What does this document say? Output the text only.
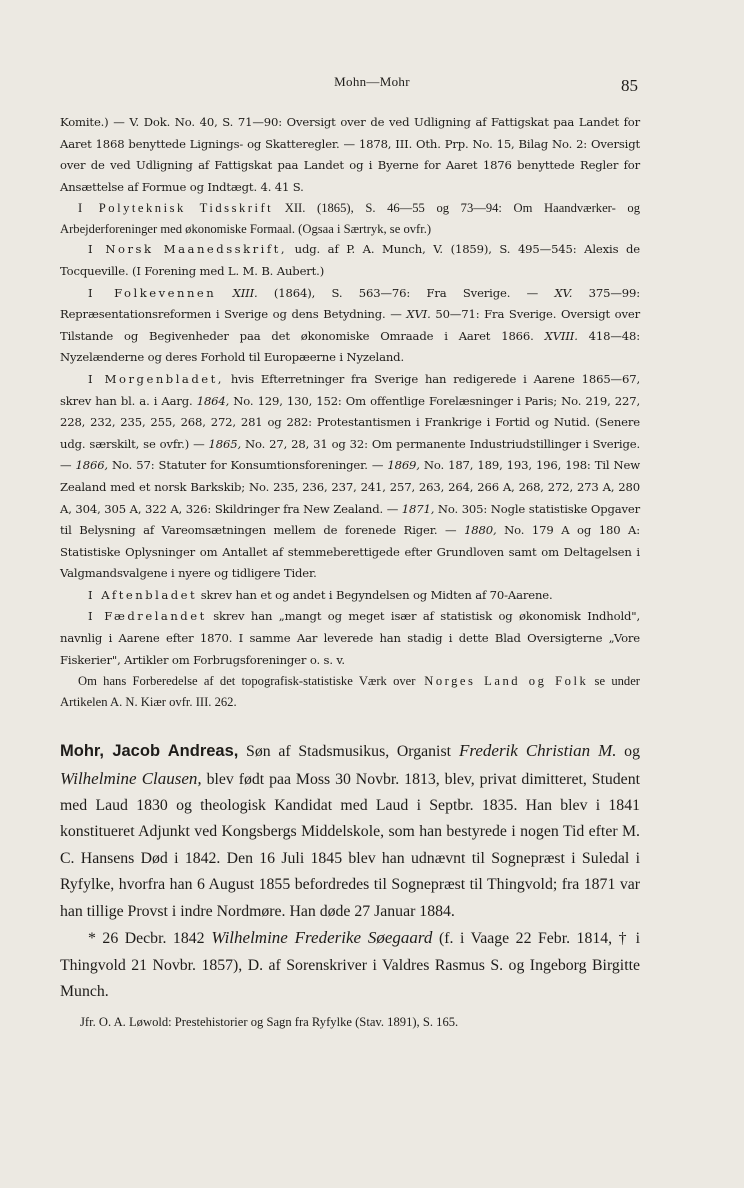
Mohn—Mohr	85

Komite.) — V. Dok. No. 40, S. 71—90: Oversigt over de ved Udligning af Fattigskat paa Landet for Aaret 1868 benyttede Lignings- og Skatteregler. — 1878, III. Oth. Prp. No. 15, Bilag No. 2: Oversigt over de ved Udligning af Fattigskat paa Landet og i Byerne for Aaret 1876 benyttede Regler for Ansættelse af Formue og Indtægt. 4. 41 S.

I Polyteknisk Tidsskrift XII. (1865), S. 46—55 og 73—94: Om Haandværker- og Arbejderforeninger med økonomiske Formaal. (Ogsaa i Særtryk, se ovfr.)

I Norsk Maanedsskrift, udg. af P. A. Munch, V. (1859), S. 495—545: Alexis de Tocqueville. (I Forening med L. M. B. Aubert.)

I Folkevennen XIII. (1864), S. 563—76: Fra Sverige. — XV. 375—99: Repræsentationsreformen i Sverige og dens Betydning. — XVI. 50—71: Fra Sverige. Oversigt over Tilstande og Begivenheder paa det økonomiske Omraade i Aaret 1866. XVIII. 418—48: Nyzelænderne og deres Forhold til Europæerne i Nyzeland.

I Morgenbladet, hvis Efterretninger fra Sverige han redigerede i Aarene 1865—67, skrev han bl. a. i Aarg. 1864, No. 129, 130, 152: Om offentlige Forelæsninger i Paris; No. 219, 227, 228, 232, 235, 255, 268, 272, 281 og 282: Protestantismen i Frankrige i Fortid og Nutid. (Senere udg. særskilt, se ovfr.) — 1865, No. 27, 28, 31 og 32: Om permanente Industriudstillinger i Sverige. — 1866, No. 57: Statuter for Konsumtionsforeninger. — 1869, No. 187, 189, 193, 196, 198: Til New Zealand med et norsk Barkskib; No. 235, 236, 237, 241, 257, 263, 264, 266 A, 268, 272, 273 A, 280 A, 304, 305 A, 322 A, 326: Skildringer fra New Zealand. — 1871, No. 305: Nogle statistiske Opgaver til Belysning af Vareomsætningen mellem de forenede Riger. — 1880, No. 179 A og 180 A: Statistiske Oplysninger om Antallet af stemmeberettigede efter Grundloven samt om Deltagelsen i Valgmandsvalgene i nyere og tidligere Tider.

I Aftenbladet skrev han et og andet i Begyndelsen og Midten af 70-Aarene.

I Fædrelandet skrev han „mangt og meget især af statistisk og økonomisk Indhold", navnlig i Aarene efter 1870. I samme Aar leverede han stadig i dette Blad Oversigterne „Vore Fiskerier", Artikler om Forbrugsforeninger o. s. v.

Om hans Forberedelse af det topografisk-statistiske Værk over Norges Land og Folk se under Artikelen A. N. Kiær ovfr. III. 262.

Mohr, Jacob Andreas, Søn af Stadsmusikus, Organist Frederik Christian M. og Wilhelmine Clausen, blev født paa Moss 30 Novbr. 1813, blev, privat dimitteret, Student med Laud 1830 og theologisk Kandidat med Laud i Septbr. 1835. Han blev i 1841 konstitueret Adjunkt ved Kongsbergs Middelskole, som han bestyrede i nogen Tid efter M. C. Hansens Død i 1842. Den 16 Juli 1845 blev han udnævnt til Sognepræst i Suledal i Ryfylke, hvorfra han 6 August 1855 befordredes til Sognepræst til Thingvold; fra 1871 var han tillige Provst i indre Nordmøre. Han døde 27 Januar 1884.

* 26 Decbr. 1842 Wilhelmine Frederike Søegaard (f. i Vaage 22 Febr. 1814, † i Thingvold 21 Novbr. 1857), D. af Sorenskriver i Valdres Rasmus S. og Ingeborg Birgitte Munch.

Jfr. O. A. Løwold: Prestehistorier og Sagn fra Ryfylke (Stav. 1891), S. 165.
